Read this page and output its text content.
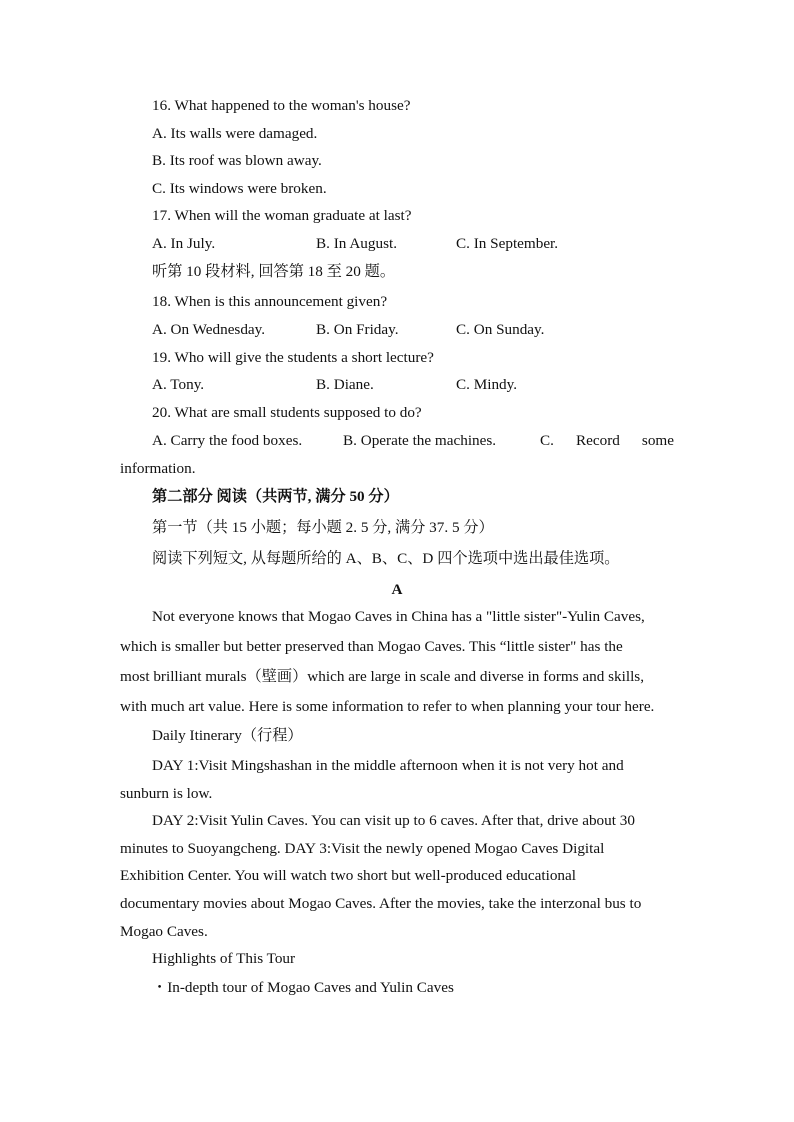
16. What happened to the woman's house?
A. Its walls were damaged.
B. Its roof was blown away.
C. Its windows were broken.
17. When will the woman graduate at last?
A. In July.	B. In August.	C. In September.
听第 10 段材料, 回答第 18 至 20 题。
18. When is this announcement given?
A. On Wednesday.	B. On Friday.	C. On Sunday.
19. Who will give the students a short lecture?
A. Tony.	B. Diane.	C. Mindy.
20. What are small students supposed to do?
A. Carry the food boxes.	B. Operate the machines.	C. Record some
information.
第二部分 阅读（共两节, 满分 50 分）
第一节（共 15 小题；每小题 2. 5 分, 满分 37. 5 分）
阅读下列短文, 从每题所给的 A、B、C、D 四个选项中选出最佳选项。
A
Not everyone knows that Mogao Caves in China has a "little sister"-Yulin Caves,
which is smaller but better preserved than Mogao Caves. This “little sister" has the
most brilliant murals（壁画）which are large in scale and diverse in forms and skills,
with much art value. Here is some information to refer to when planning your tour here.
Daily Itinerary（行程）
DAY 1:Visit Mingshashan in the middle afternoon when it is not very hot and
sunburn is low.
DAY 2:Visit Yulin Caves. You can visit up to 6 caves. After that, drive about 30
minutes to Suoyangcheng. DAY 3:Visit the newly opened Mogao Caves Digital
Exhibition Center. You will watch two short but well-produced educational
documentary movies about Mogao Caves. After the movies, take the interzonal bus to
Mogao Caves.
Highlights of This Tour
・In-depth tour of Mogao Caves and Yulin Caves
